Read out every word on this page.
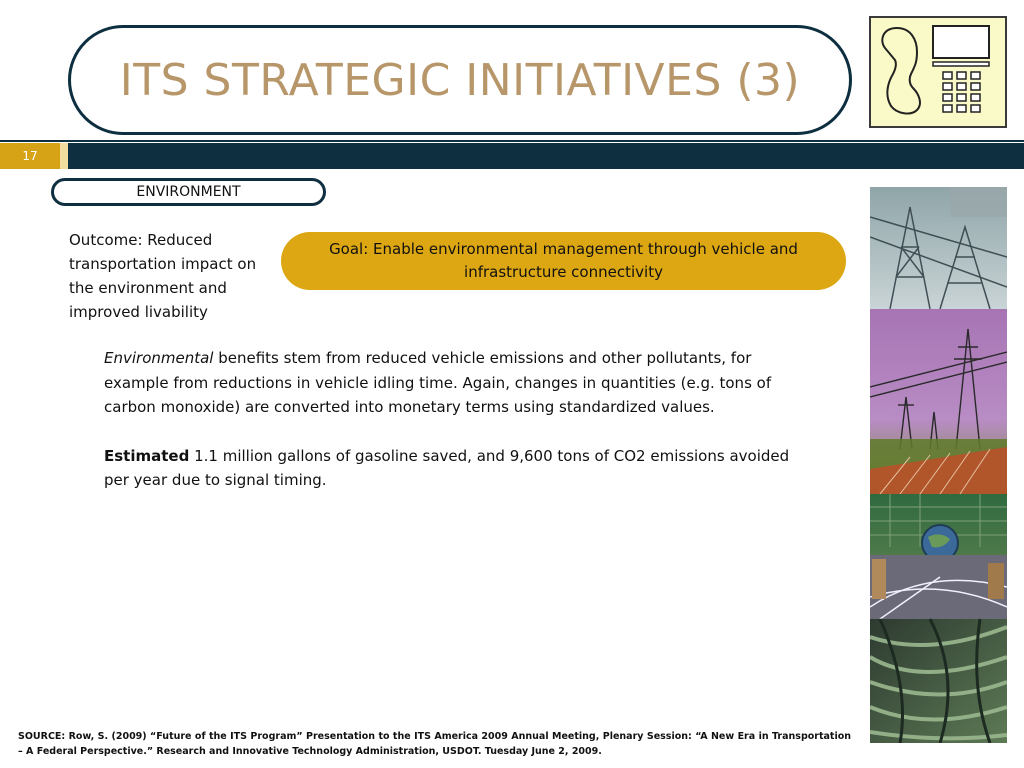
ITS STRATEGIC INITIATIVES (3)
17
ENVIRONMENT
Outcome: Reduced transportation impact on the environment and improved livability
Goal: Enable environmental management through vehicle and infrastructure connectivity

Environmental benefits stem from reduced vehicle emissions and other pollutants, for example from reductions in vehicle idling time. Again, changes in quantities (e.g. tons of carbon monoxide) are converted into monetary terms using standardized values.

Estimated 1.1 million gallons of gasoline saved, and 9,600 tons of CO2 emissions avoided per year due to signal timing.

SOURCE: Row, S. (2009) “Future of the ITS Program” Presentation to the ITS America 2009 Annual Meeting, Plenary Session: “A New Era in Transportation – A Federal Perspective.” Research and Innovative Technology Administration, USDOT. Tuesday June 2, 2009.
